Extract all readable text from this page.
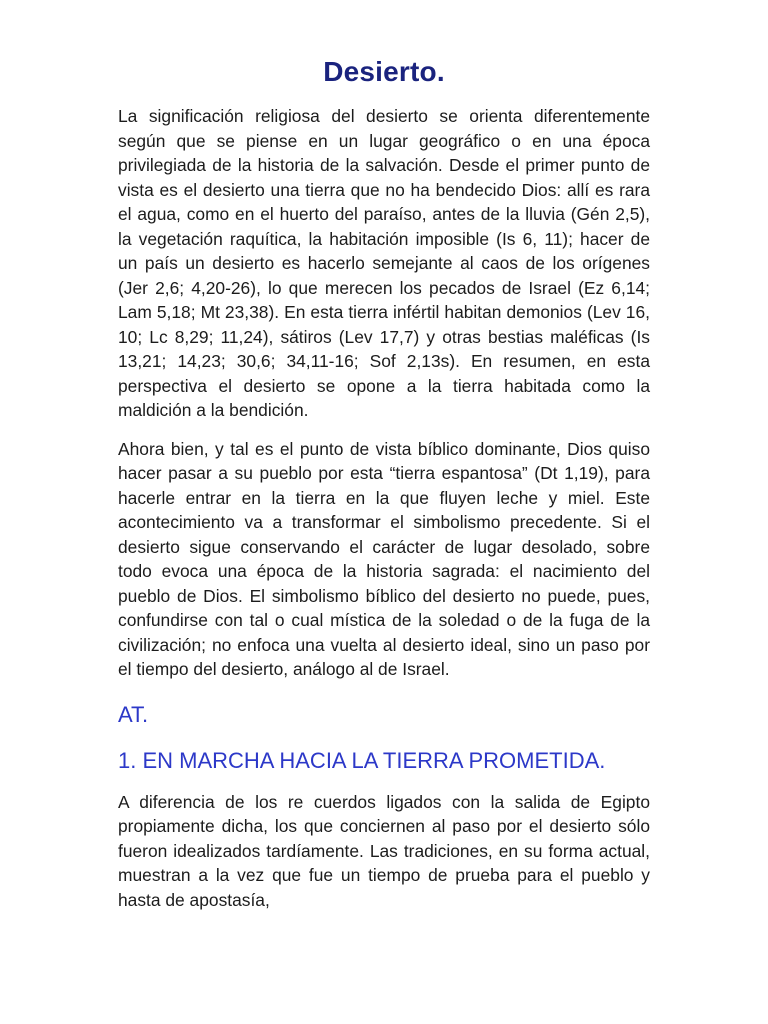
Desierto.

La significación religiosa del desierto se orienta diferentemente según que se piense en un lugar geográfico o en una época privilegiada de la historia de la salvación. Desde el primer punto de vista es el desierto una tierra que no ha bendecido Dios: allí es rara el agua, como en el huerto del paraíso, antes de la lluvia (Gén 2,5), la vegetación raquítica, la habitación imposible (Is 6, 11); hacer de un país un desierto es hacerlo semejante al caos de los orígenes (Jer 2,6; 4,20-26), lo que merecen los pecados de Israel (Ez 6,14; Lam 5,18; Mt 23,38). En esta tierra infértil habitan demonios (Lev 16, 10; Lc 8,29; 11,24), sátiros (Lev 17,7) y otras bestias maléficas (Is 13,21; 14,23; 30,6; 34,11-16; Sof 2,13s). En resumen, en esta perspectiva el desierto se opone a la tierra habitada como la maldición a la bendición.

Ahora bien, y tal es el punto de vista bíblico dominante, Dios quiso hacer pasar a su pueblo por esta “tierra espantosa” (Dt 1,19), para hacerle entrar en la tierra en la que fluyen leche y miel. Este acontecimiento va a transformar el simbolismo precedente. Si el desierto sigue conservando el carácter de lugar desolado, sobre todo evoca una época de la historia sagrada: el nacimiento del pueblo de Dios. El simbolismo bíblico del desierto no puede, pues, confundirse con tal o cual mística de la soledad o de la fuga de la civilización; no enfoca una vuelta al desierto ideal, sino un paso por el tiempo del desierto, análogo al de Israel.

AT.
1. EN MARCHA HACIA LA TIERRA PROMETIDA.

A diferencia de los re cuerdos ligados con la salida de Egipto propiamente dicha, los que conciernen al paso por el desierto sólo fueron idealizados tardíamente. Las tradiciones, en su forma actual, muestran a la vez que fue un tiempo de prueba para el pueblo y hasta de apostasía,
